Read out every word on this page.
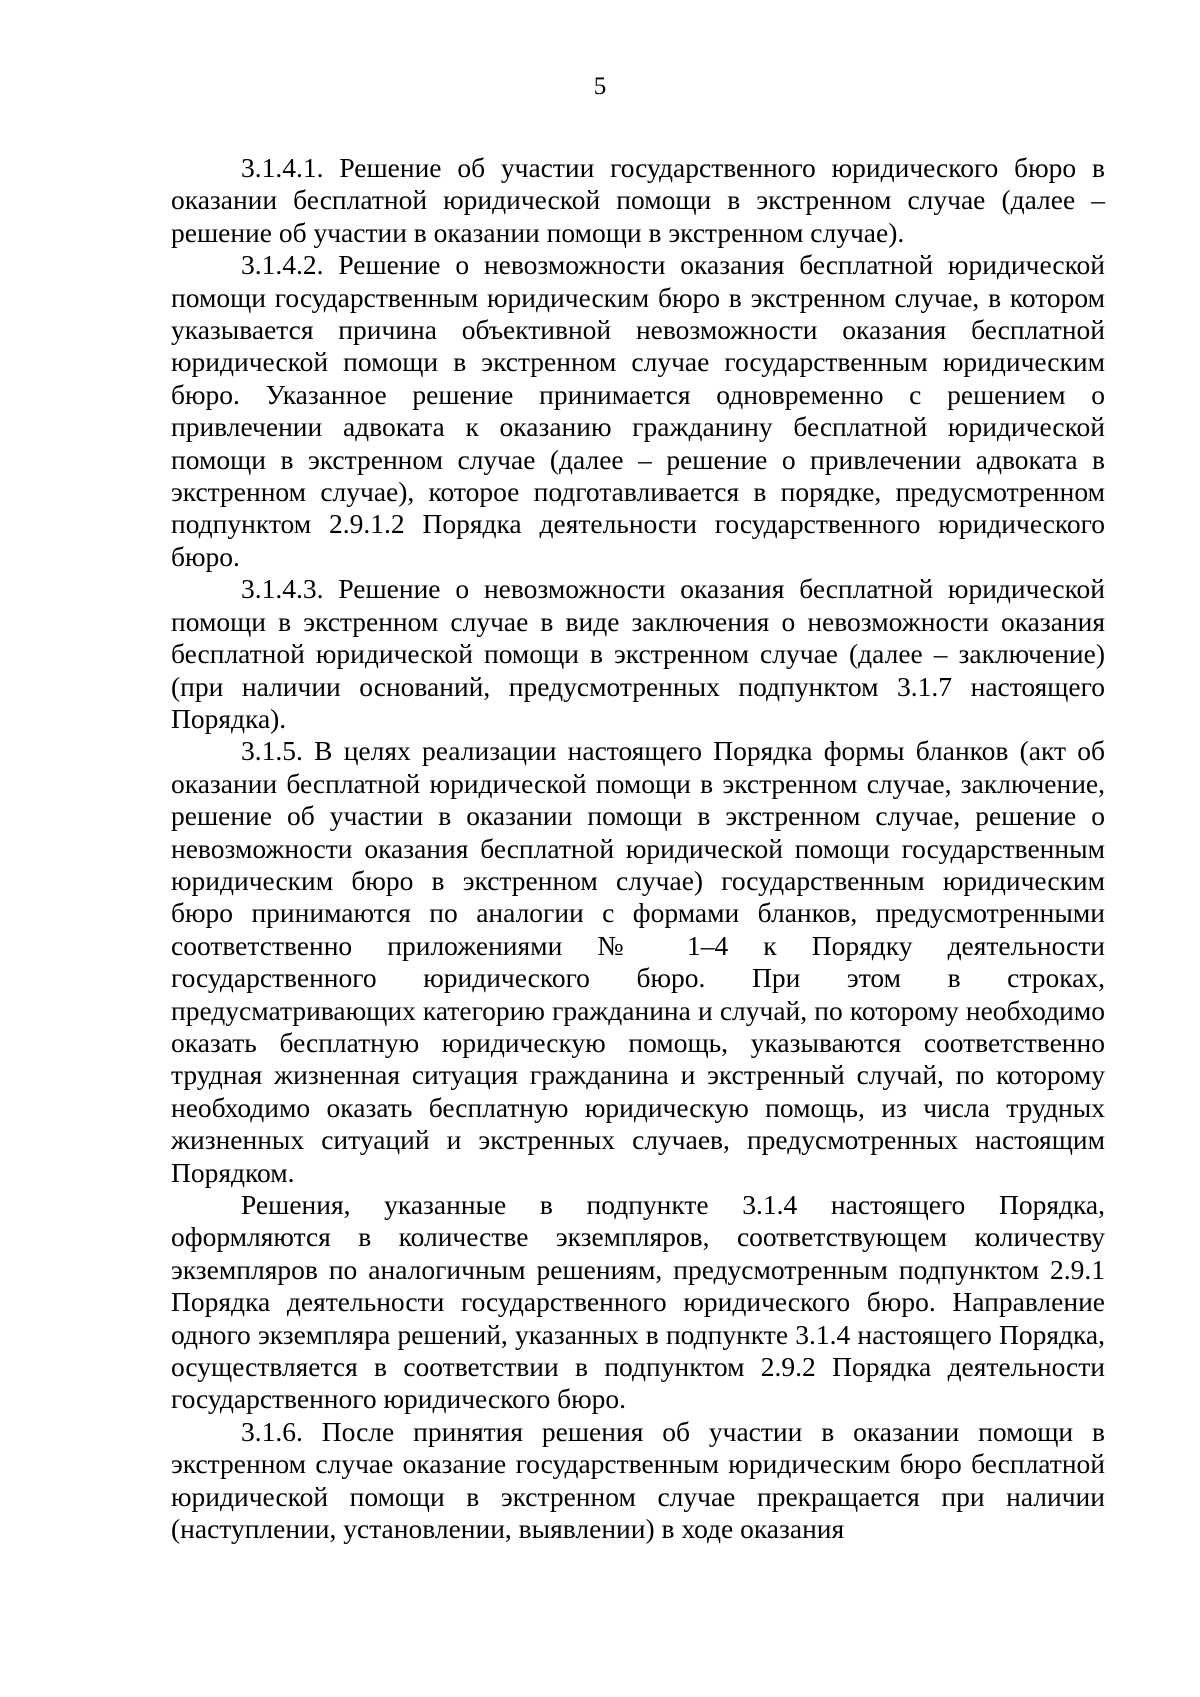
5

3.1.4.1. Решение об участии государственного юридического бюро в оказании бесплатной юридической помощи в экстренном случае (далее – решение об участии в оказании помощи в экстренном случае).

3.1.4.2. Решение о невозможности оказания бесплатной юридической помощи государственным юридическим бюро в экстренном случае, в котором указывается причина объективной невозможности оказания бесплатной юридической помощи в экстренном случае государственным юридическим бюро. Указанное решение принимается одновременно с решением о привлечении адвоката к оказанию гражданину бесплатной юридической помощи в экстренном случае (далее – решение о привлечении адвоката в экстренном случае), которое подготавливается в порядке, предусмотренном подпунктом 2.9.1.2 Порядка деятельности государственного юридического бюро.

3.1.4.3. Решение о невозможности оказания бесплатной юридической помощи в экстренном случае в виде заключения о невозможности оказания бесплатной юридической помощи в экстренном случае (далее – заключение) (при наличии оснований, предусмотренных подпунктом 3.1.7 настоящего Порядка).

3.1.5. В целях реализации настоящего Порядка формы бланков (акт об оказании бесплатной юридической помощи в экстренном случае, заключение, решение об участии в оказании помощи в экстренном случае, решение о невозможности оказания бесплатной юридической помощи государственным юридическим бюро в экстренном случае) государственным юридическим бюро принимаются по аналогии с формами бланков, предусмотренными соответственно приложениями № 1–4 к Порядку деятельности государственного юридического бюро. При этом в строках, предусматривающих категорию гражданина и случай, по которому необходимо оказать бесплатную юридическую помощь, указываются соответственно трудная жизненная ситуация гражданина и экстренный случай, по которому необходимо оказать бесплатную юридическую помощь, из числа трудных жизненных ситуаций и экстренных случаев, предусмотренных настоящим Порядком.

Решения, указанные в подпункте 3.1.4 настоящего Порядка, оформляются в количестве экземпляров, соответствующем количеству экземпляров по аналогичным решениям, предусмотренным подпунктом 2.9.1 Порядка деятельности государственного юридического бюро. Направление одного экземпляра решений, указанных в подпункте 3.1.4 настоящего Порядка, осуществляется в соответствии в подпунктом 2.9.2 Порядка деятельности государственного юридического бюро.

3.1.6. После принятия решения об участии в оказании помощи в экстренном случае оказание государственным юридическим бюро бесплатной юридической помощи в экстренном случае прекращается при наличии (наступлении, установлении, выявлении) в ходе оказания
